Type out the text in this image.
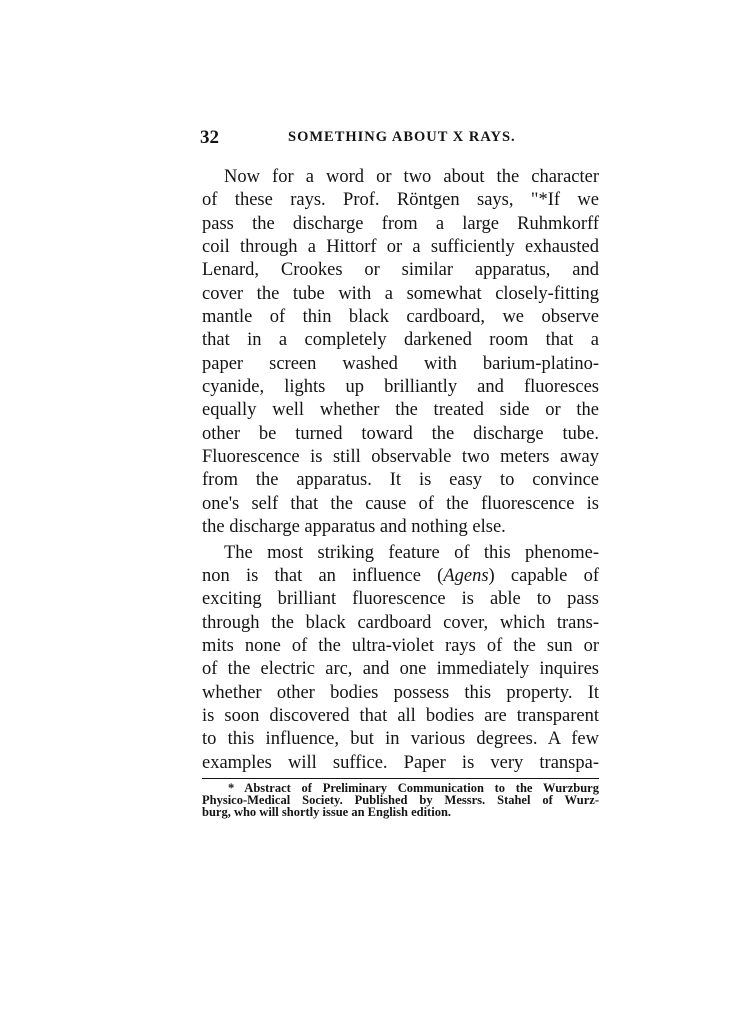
32	SOMETHING ABOUT X RAYS.
Now for a word or two about the character
of these rays. Prof. Röntgen says, "*If we
pass the discharge from a large Ruhmkorff
coil through a Hittorf or a sufficiently exhausted
Lenard, Crookes or similar apparatus, and
cover the tube with a somewhat closely-fitting
mantle of thin black cardboard, we observe
that in a completely darkened room that a
paper screen washed with barium-platino-
cyanide, lights up brilliantly and fluoresces
equally well whether the treated side or the
other be turned toward the discharge tube.
Fluorescence is still observable two meters away
from the apparatus. It is easy to convince
one's self that the cause of the fluorescence is
the discharge apparatus and nothing else.
The most striking feature of this phenome-
non is that an influence (Agens) capable of
exciting brilliant fluorescence is able to pass
through the black cardboard cover, which trans-
mits none of the ultra-violet rays of the sun or
of the electric arc, and one immediately inquires
whether other bodies possess this property. It
is soon discovered that all bodies are transparent
to this influence, but in various degrees. A few
examples will suffice. Paper is very transpa-
* Abstract of Preliminary Communication to the Wurzburg
Physico-Medical Society. Published by Messrs. Stahel of Wurz-
burg, who will shortly issue an English edition.
